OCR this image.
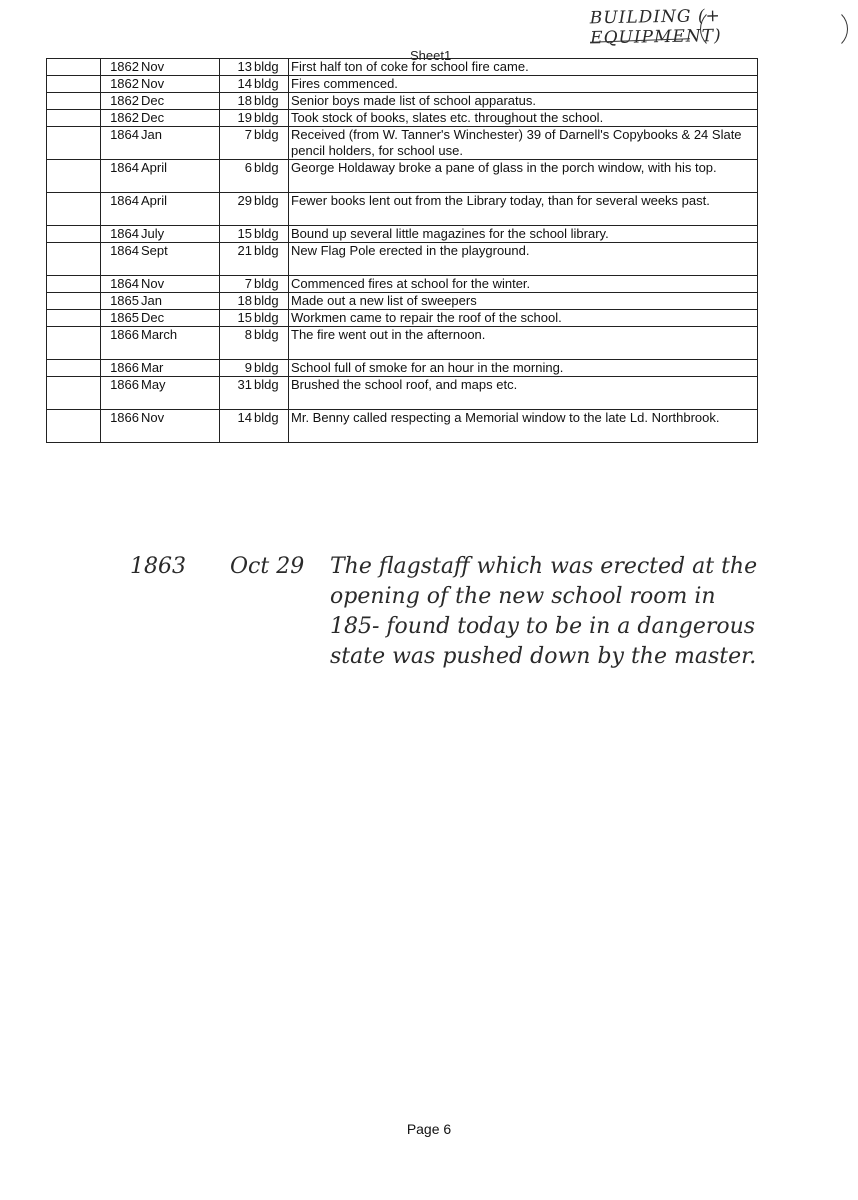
BUILDING (+ EQUIPMENT)
Sheet1
	1862	Nov	13	bldg	First half ton of coke for school fire came.
	1862	Nov	14	bldg	Fires commenced.
	1862	Dec	18	bldg	Senior boys made list of school apparatus.
	1862	Dec	19	bldg	Took stock of books, slates etc. throughout the school.
	1864	Jan	7	bldg	Received (from W. Tanner's Winchester) 39 of Darnell's Copybooks & 24 Slate pencil holders, for school use.
	1864	April	6	bldg	George Holdaway broke a pane of glass in the porch window, with his top.
	1864	April	29	bldg	Fewer books lent out from the Library today, than for several weeks past.
	1864	July	15	bldg	Bound up several little magazines for the school library.
	1864	Sept	21	bldg	New Flag Pole erected in the playground.
	1864	Nov	7	bldg	Commenced fires at school for the winter.
	1865	Jan	18	bldg	Made out a new list of sweepers
	1865	Dec	15	bldg	Workmen came to repair the roof of the school.
	1866	March	8	bldg	The fire went out in the afternoon.
	1866	Mar	9	bldg	School full of smoke for an hour in the morning.
	1866	May	31	bldg	Brushed the school roof, and maps etc.
	1866	Nov	14	bldg	Mr. Benny called respecting a Memorial window to the late Ld. Northbrook.
1863 Oct 29 The flagstaff which was erected at the opening of the new school room in 185- found today to be in a dangerous state was pushed down by the master.
Page 6
